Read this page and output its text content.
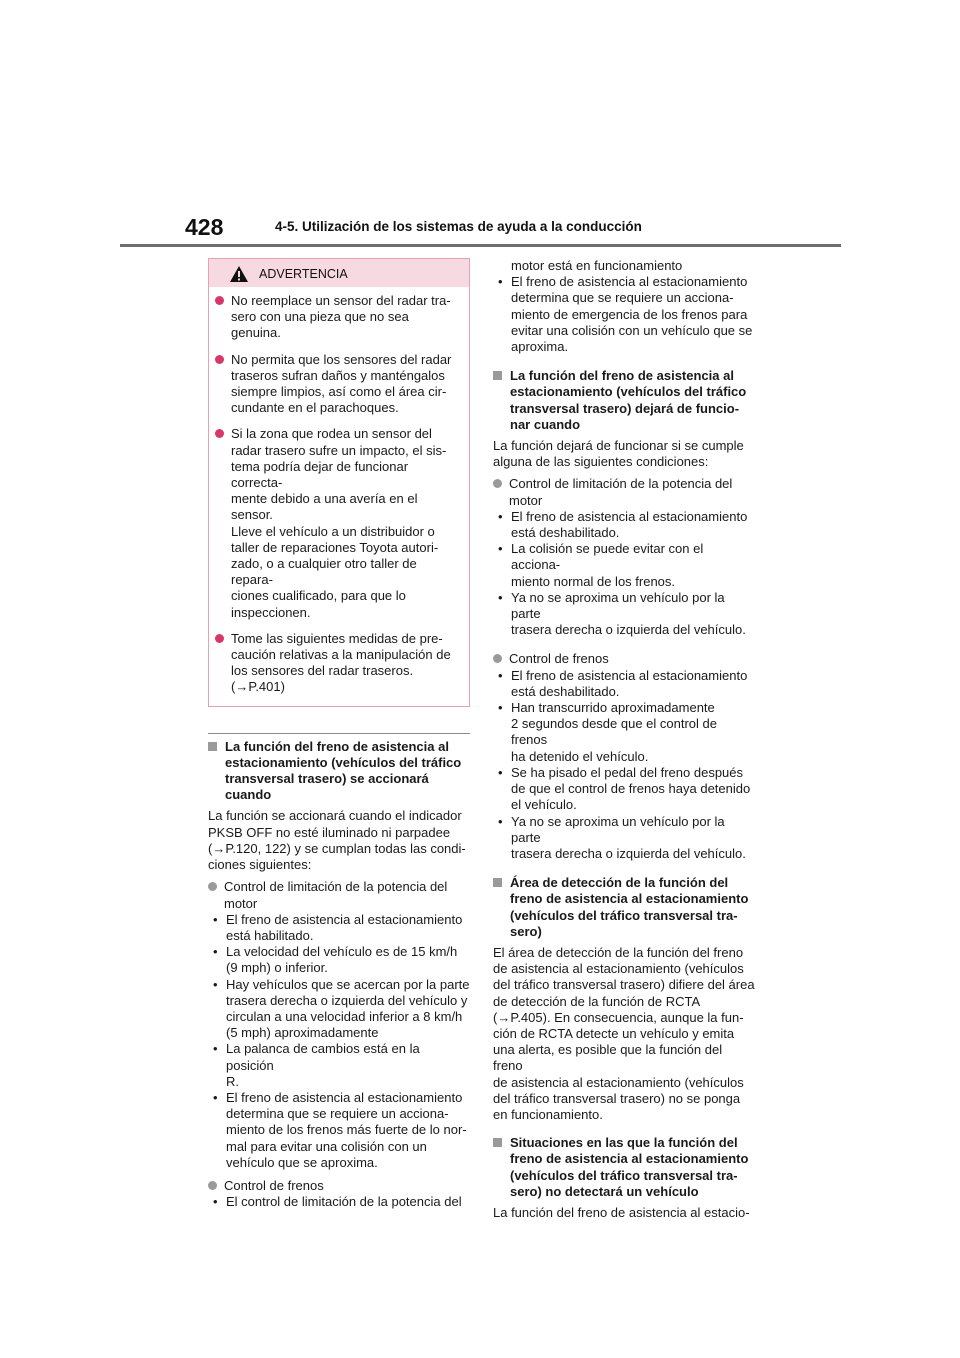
428	4-5. Utilización de los sistemas de ayuda a la conducción
ADVERTENCIA
No reemplace un sensor del radar tra-
sero con una pieza que no sea genuina.
No permita que los sensores del radar
traseros sufran daños y manténgalos
siempre limpios, así como el área cir-
cundante en el parachoques.
Si la zona que rodea un sensor del
radar trasero sufre un impacto, el sis-
tema podría dejar de funcionar correcta-
mente debido a una avería en el sensor.
Lleve el vehículo a un distribuidor o
taller de reparaciones Toyota autori-
zado, o a cualquier otro taller de repara-
ciones cualificado, para que lo
inspeccionen.
Tome las siguientes medidas de pre-
caución relativas a la manipulación de
los sensores del radar traseros.
(→P.401)
La función del freno de asistencia al
estacionamiento (vehículos del tráfico
transversal trasero) se accionará
cuando
La función se accionará cuando el indicador
PKSB OFF no esté iluminado ni parpadee
(→P.120, 122) y se cumplan todas las condi-
ciones siguientes:
Control de limitación de la potencia del
motor
• El freno de asistencia al estacionamiento
está habilitado.
• La velocidad del vehículo es de 15 km/h
(9 mph) o inferior.
• Hay vehículos que se acercan por la parte
trasera derecha o izquierda del vehículo y
circulan a una velocidad inferior a 8 km/h
(5 mph) aproximadamente
• La palanca de cambios está en la posición
R.
• El freno de asistencia al estacionamiento
determina que se requiere un acciona-
miento de los frenos más fuerte de lo nor-
mal para evitar una colisión con un
vehículo que se aproxima.
Control de frenos
• El control de limitación de la potencia del
motor está en funcionamiento
• El freno de asistencia al estacionamiento
determina que se requiere un acciona-
miento de emergencia de los frenos para
evitar una colisión con un vehículo que se
aproxima.
La función del freno de asistencia al
estacionamiento (vehículos del tráfico
transversal trasero) dejará de funcio-
nar cuando
La función dejará de funcionar si se cumple
alguna de las siguientes condiciones:
Control de limitación de la potencia del
motor
• El freno de asistencia al estacionamiento
está deshabilitado.
• La colisión se puede evitar con el acciona-
miento normal de los frenos.
• Ya no se aproxima un vehículo por la parte
trasera derecha o izquierda del vehículo.
Control de frenos
• El freno de asistencia al estacionamiento
está deshabilitado.
• Han transcurrido aproximadamente
2 segundos desde que el control de frenos
ha detenido el vehículo.
• Se ha pisado el pedal del freno después
de que el control de frenos haya detenido
el vehículo.
• Ya no se aproxima un vehículo por la parte
trasera derecha o izquierda del vehículo.
Área de detección de la función del
freno de asistencia al estacionamiento
(vehículos del tráfico transversal tra-
sero)
El área de detección de la función del freno
de asistencia al estacionamiento (vehículos
del tráfico transversal trasero) difiere del área
de detección de la función de RCTA
(→P.405). En consecuencia, aunque la fun-
ción de RCTA detecte un vehículo y emita
una alerta, es posible que la función del freno
de asistencia al estacionamiento (vehículos
del tráfico transversal trasero) no se ponga
en funcionamiento.
Situaciones en las que la función del
freno de asistencia al estacionamiento
(vehículos del tráfico transversal tra-
sero) no detectará un vehículo
La función del freno de asistencia al estacio-
